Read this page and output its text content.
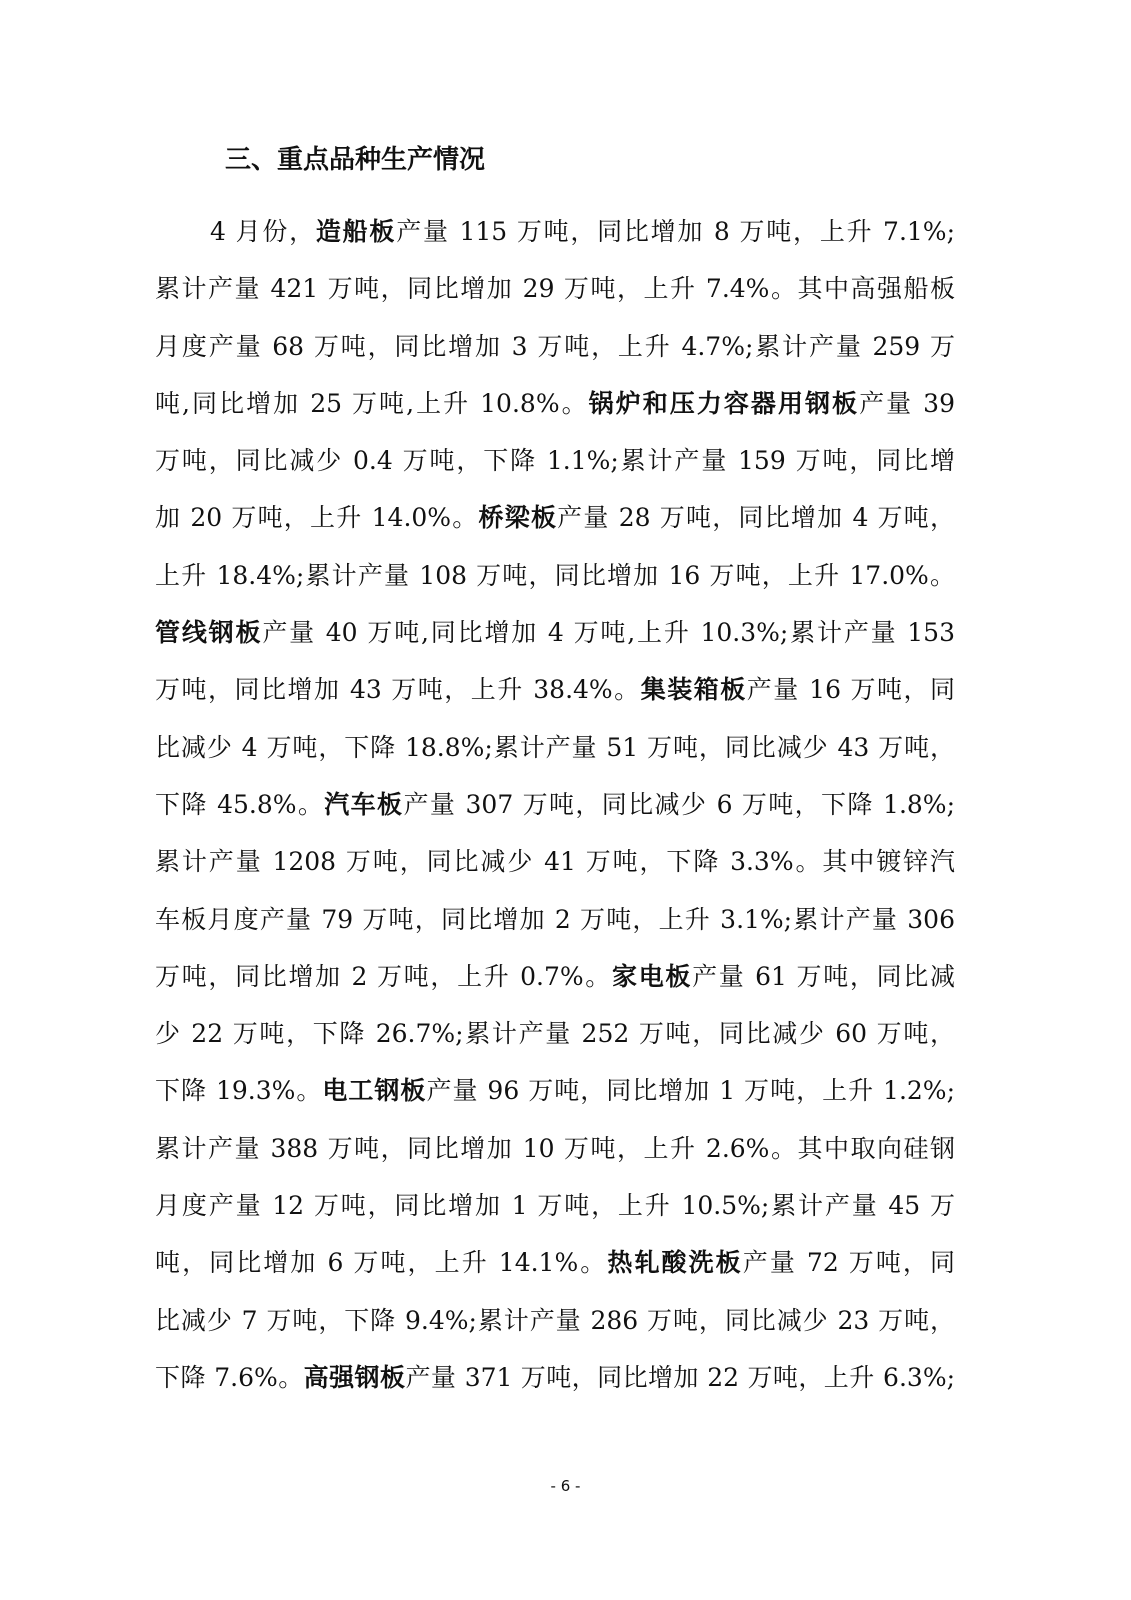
三、重点品种生产情况
4 月份，造船板产量 115 万吨，同比增加 8 万吨，上升 7.1%;
累计产量 421 万吨，同比增加 29 万吨，上升 7.4%。其中高强船板
月度产量 68 万吨，同比增加 3 万吨，上升 4.7%;累计产量 259 万
吨,同比增加 25 万吨,上升 10.8%。锅炉和压力容器用钢板产量 39
万吨，同比减少 0.4 万吨，下降 1.1%;累计产量 159 万吨，同比增
加 20 万吨，上升 14.0%。桥梁板产量 28 万吨，同比增加 4 万吨，
上升 18.4%;累计产量 108 万吨，同比增加 16 万吨，上升 17.0%。
管线钢板产量 40 万吨,同比增加 4 万吨,上升 10.3%;累计产量 153
万吨，同比增加 43 万吨，上升 38.4%。集装箱板产量 16 万吨，同
比减少 4 万吨，下降 18.8%;累计产量 51 万吨，同比减少 43 万吨，
下降 45.8%。汽车板产量 307 万吨，同比减少 6 万吨，下降 1.8%;
累计产量 1208 万吨，同比减少 41 万吨，下降 3.3%。其中镀锌汽
车板月度产量 79 万吨，同比增加 2 万吨，上升 3.1%;累计产量 306
万吨，同比增加 2 万吨，上升 0.7%。家电板产量 61 万吨，同比减
少 22 万吨，下降 26.7%;累计产量 252 万吨，同比减少 60 万吨，
下降 19.3%。电工钢板产量 96 万吨，同比增加 1 万吨，上升 1.2%;
累计产量 388 万吨，同比增加 10 万吨，上升 2.6%。其中取向硅钢
月度产量 12 万吨，同比增加 1 万吨，上升 10.5%;累计产量 45 万
吨，同比增加 6 万吨，上升 14.1%。热轧酸洗板产量 72 万吨，同
比减少 7 万吨，下降 9.4%;累计产量 286 万吨，同比减少 23 万吨，
下降 7.6%。高强钢板产量 371 万吨，同比增加 22 万吨，上升 6.3%;
- 6 -
